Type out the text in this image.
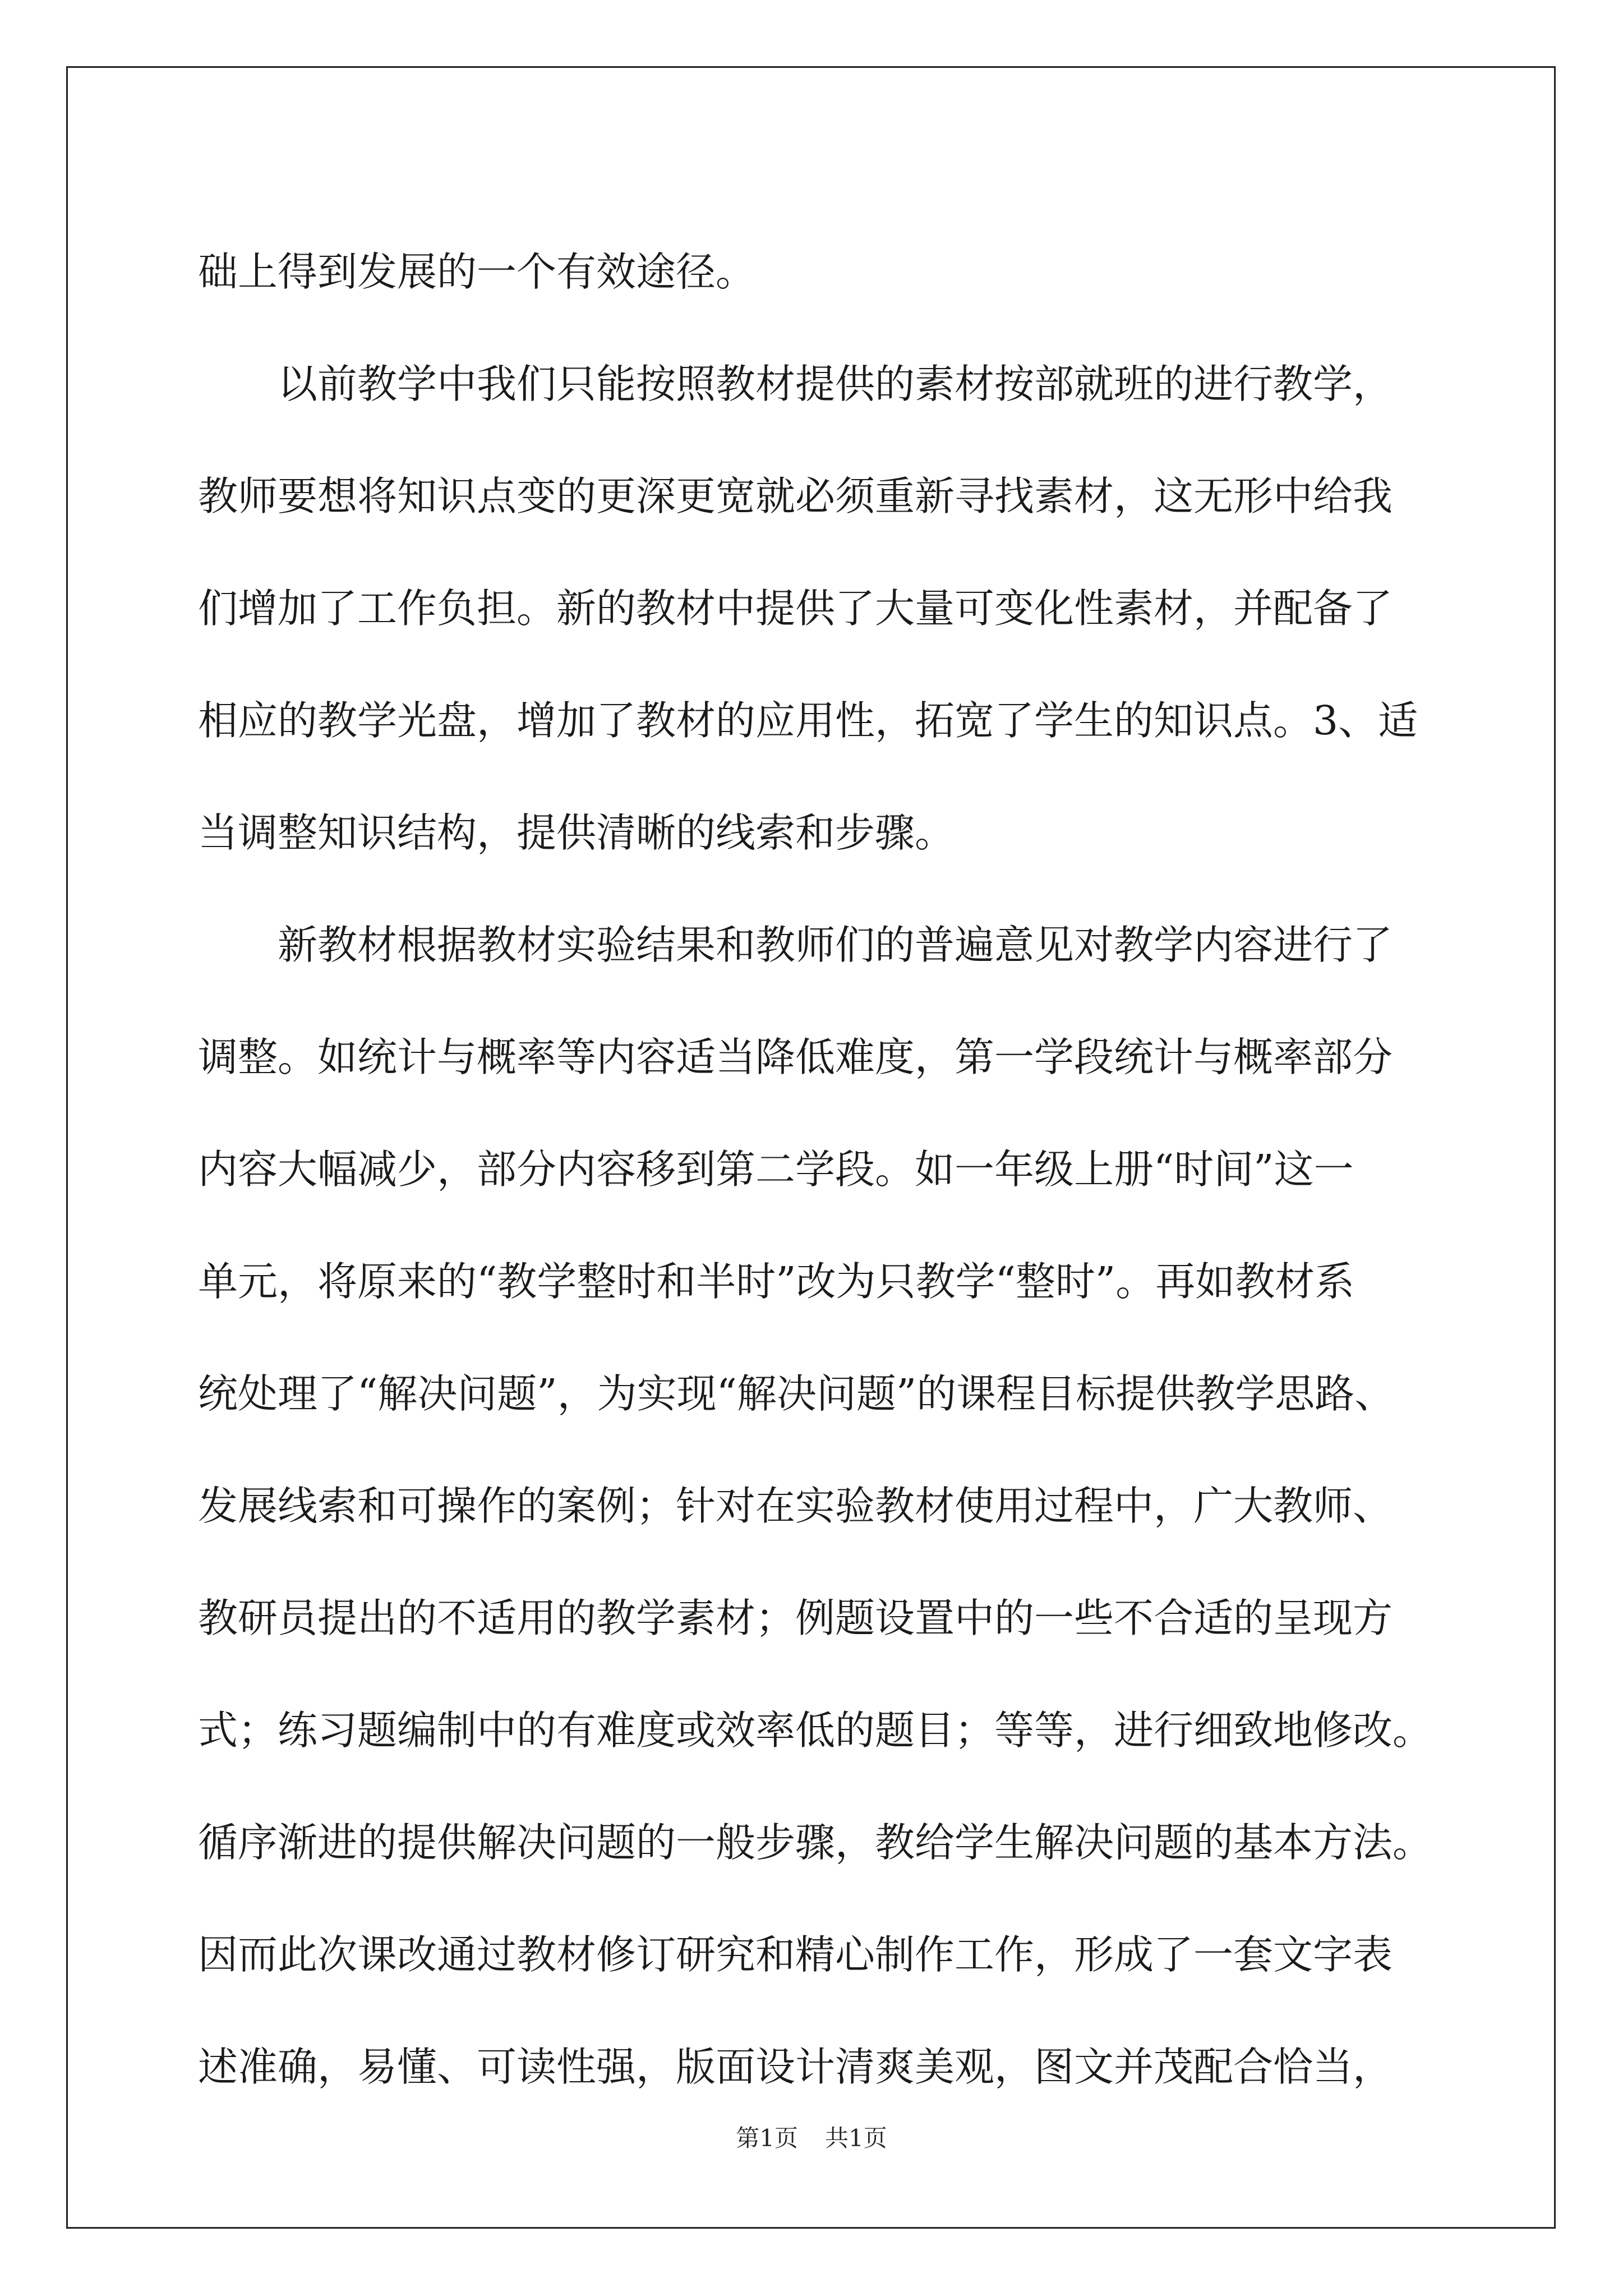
础上得到发展的一个有效途径。
以前教学中我们只能按照教材提供的素材按部就班的进行教学，
教师要想将知识点变的更深更宽就必须重新寻找素材，这无形中给我
们增加了工作负担。新的教材中提供了大量可变化性素材，并配备了
相应的教学光盘，增加了教材的应用性，拓宽了学生的知识点。3、适
当调整知识结构，提供清晰的线索和步骤。
新教材根据教材实验结果和教师们的普遍意见对教学内容进行了
调整。如统计与概率等内容适当降低难度，第一学段统计与概率部分
内容大幅减少，部分内容移到第二学段。如一年级上册“时间”这一
单元，将原来的“教学整时和半时”改为只教学“整时”。再如教材系
统处理了“解决问题”，为实现“解决问题”的课程目标提供教学思路、
发展线索和可操作的案例；针对在实验教材使用过程中，广大教师、
教研员提出的不适用的教学素材；例题设置中的一些不合适的呈现方
式；练习题编制中的有难度或效率低的题目；等等，进行细致地修改。
循序渐进的提供解决问题的一般步骤，教给学生解决问题的基本方法。
因而此次课改通过教材修订研究和精心制作工作，形成了一套文字表
述准确，易懂、可读性强，版面设计清爽美观，图文并茂配合恰当，
第1页 共1页
